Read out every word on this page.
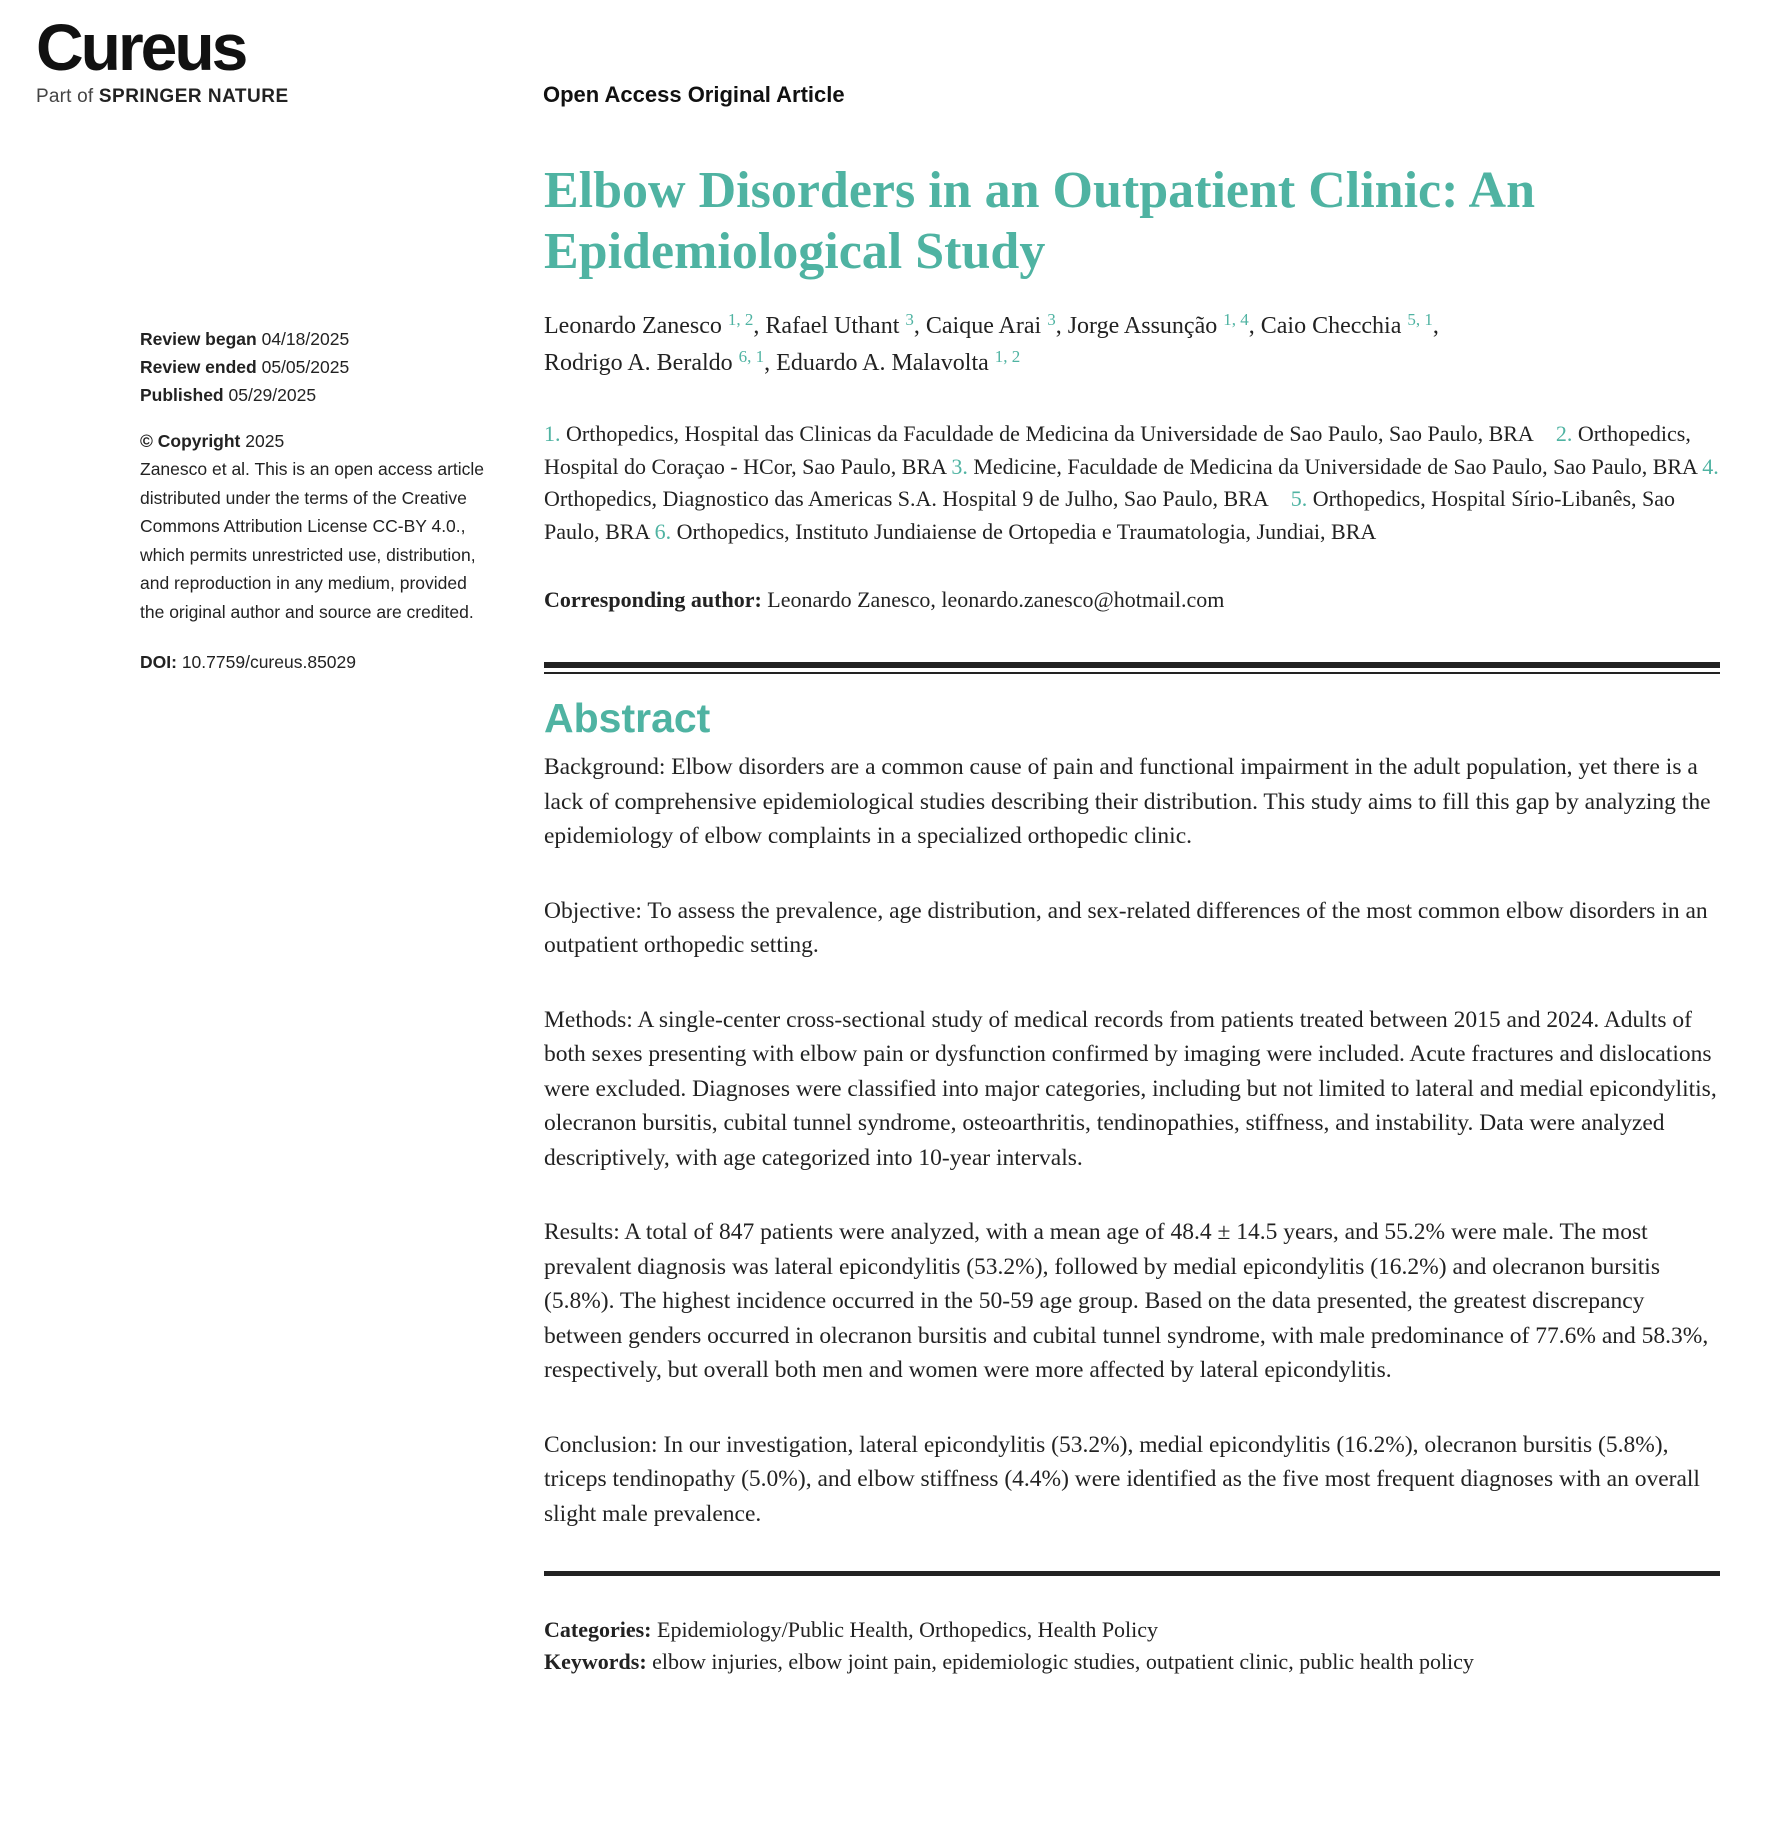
Cureus
Part of SPRINGER NATURE	Open Access Original Article
Review began 04/18/2025
Review ended 05/05/2025
Published 05/29/2025
© Copyright 2025
Zanesco et al. This is an open access article distributed under the terms of the Creative Commons Attribution License CC-BY 4.0., which permits unrestricted use, distribution, and reproduction in any medium, provided the original author and source are credited.
DOI: 10.7759/cureus.85029
Elbow Disorders in an Outpatient Clinic: An
Epidemiological Study
Leonardo Zanesco $^{1, 2}$, Rafael Uthant $^3$, Caique Arai $^3$, Jorge Assunção $^{1, 4}$, Caio Checchia $^{5, 1}$,
Rodrigo A. Beraldo $^{6, 1}$, Eduardo A. Malavolta $^{1, 2}$
1. Orthopedics, Hospital das Clinicas da Faculdade de Medicina da Universidade de Sao Paulo, Sao Paulo, BRA 2. Orthopedics, Hospital do Coraçao - HCor, Sao Paulo, BRA 3. Medicine, Faculdade de Medicina da Universidade de Sao Paulo, Sao Paulo, BRA 4. Orthopedics, Diagnostico das Americas S.A. Hospital 9 de Julho, Sao Paulo, BRA 5. Orthopedics, Hospital Sírio-Libanês, Sao Paulo, BRA 6. Orthopedics, Instituto Jundiaiense de Ortopedia e Traumatologia, Jundiai, BRA
Corresponding author: Leonardo Zanesco, leonardo.zanesco@hotmail.com
Abstract

Background: Elbow disorders are a common cause of pain and functional impairment in the adult population, yet there is a lack of comprehensive epidemiological studies describing their distribution. This study aims to fill this gap by analyzing the epidemiology of elbow complaints in a specialized orthopedic clinic.

Objective: To assess the prevalence, age distribution, and sex-related differences of the most common elbow disorders in an outpatient orthopedic setting.

Methods: A single-center cross-sectional study of medical records from patients treated between 2015 and 2024. Adults of both sexes presenting with elbow pain or dysfunction confirmed by imaging were included. Acute fractures and dislocations were excluded. Diagnoses were classified into major categories, including but not limited to lateral and medial epicondylitis, olecranon bursitis, cubital tunnel syndrome, osteoarthritis, tendinopathies, stiffness, and instability. Data were analyzed descriptively, with age categorized into 10-year intervals.

Results: A total of 847 patients were analyzed, with a mean age of 48.4 ± 14.5 years, and 55.2% were male. The most prevalent diagnosis was lateral epicondylitis (53.2%), followed by medial epicondylitis (16.2%) and olecranon bursitis (5.8%). The highest incidence occurred in the 50-59 age group. Based on the data presented, the greatest discrepancy between genders occurred in olecranon bursitis and cubital tunnel syndrome, with male predominance of 77.6% and 58.3%, respectively, but overall both men and women were more affected by lateral epicondylitis.

Conclusion: In our investigation, lateral epicondylitis (53.2%), medial epicondylitis (16.2%), olecranon bursitis (5.8%), triceps tendinopathy (5.0%), and elbow stiffness (4.4%) were identified as the five most frequent diagnoses with an overall slight male prevalence.

Categories: Epidemiology/Public Health, Orthopedics, Health Policy
Keywords: elbow injuries, elbow joint pain, epidemiologic studies, outpatient clinic, public health policy
